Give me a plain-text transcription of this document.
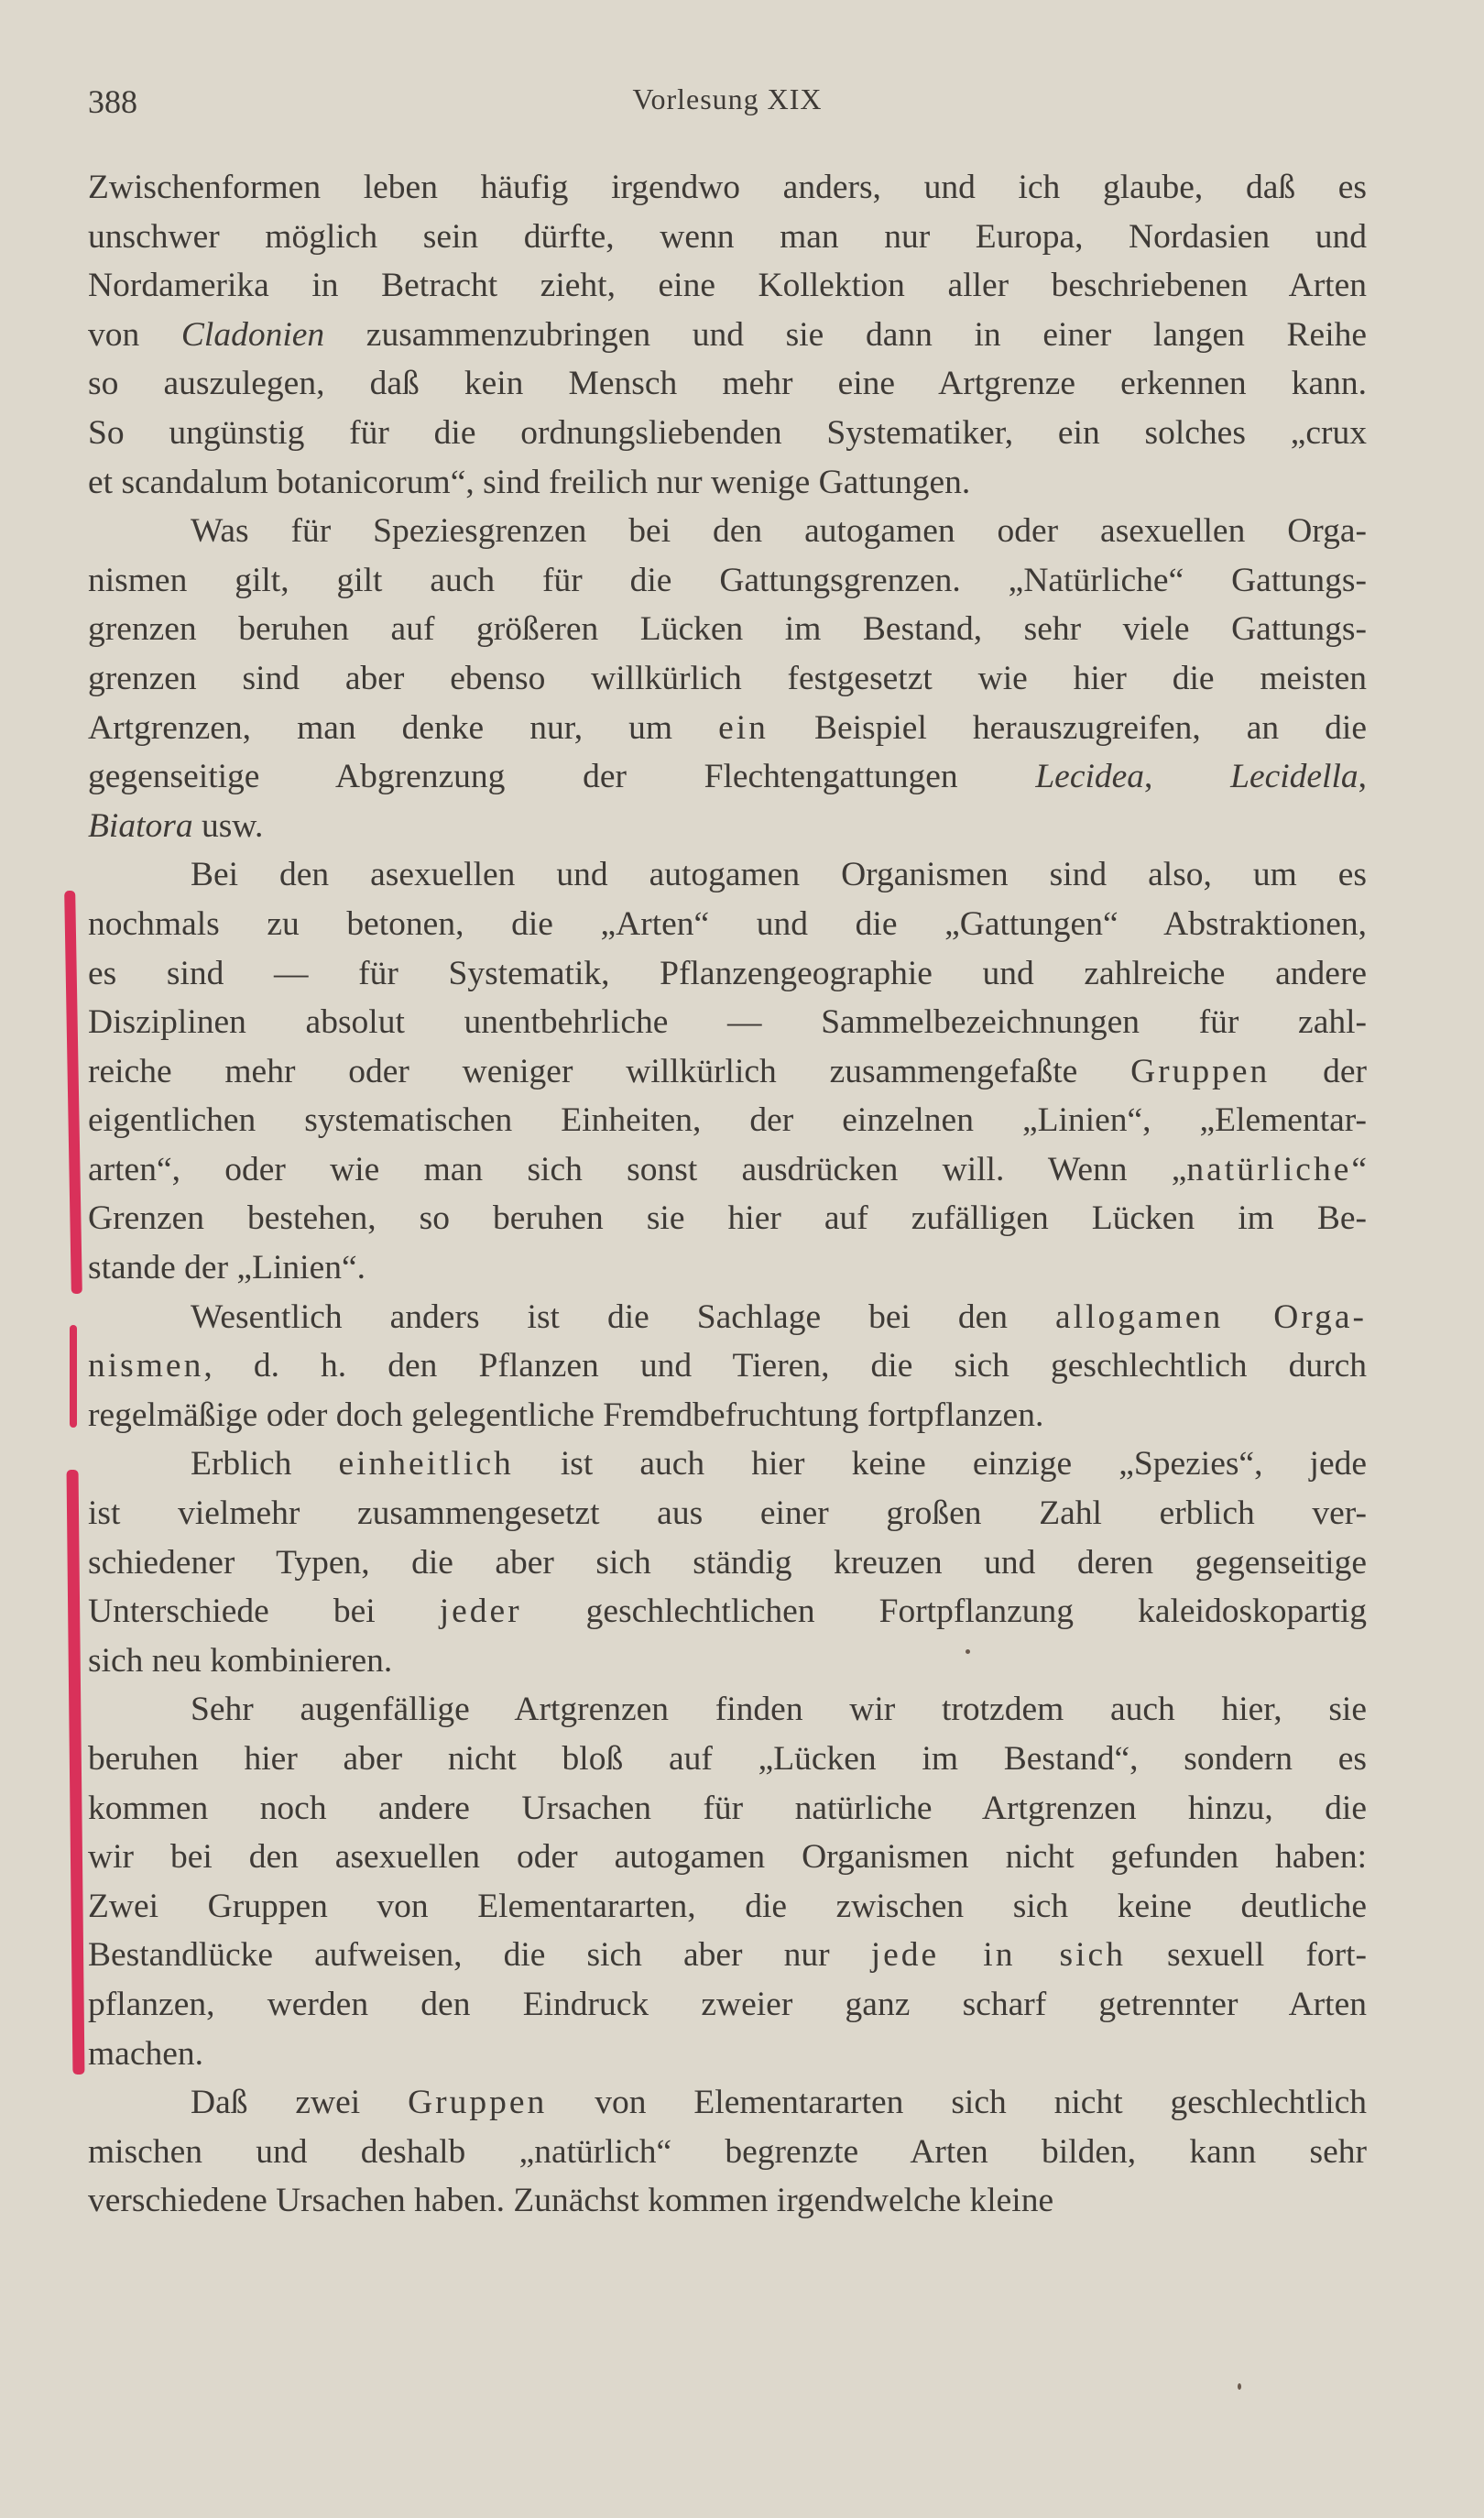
388	Vorlesung XIX
Zwischenformen leben häufig irgendwo anders, und ich glaube, daß es
unschwer möglich sein dürfte, wenn man nur Europa, Nordasien und
Nordamerika in Betracht zieht, eine Kollektion aller beschriebenen Arten
von Cladonien zusammenzubringen und sie dann in einer langen Reihe
so auszulegen, daß kein Mensch mehr eine Artgrenze erkennen kann.
So ungünstig für die ordnungsliebenden Systematiker, ein solches „crux
et scandalum botanicorum“, sind freilich nur wenige Gattungen.
Was für Speziesgrenzen bei den autogamen oder asexuellen Orga-
nismen gilt, gilt auch für die Gattungsgrenzen. „Natürliche“ Gattungs-
grenzen beruhen auf größeren Lücken im Bestand, sehr viele Gattungs-
grenzen sind aber ebenso willkürlich festgesetzt wie hier die meisten
Artgrenzen, man denke nur, um ein Beispiel herauszugreifen, an die
gegenseitige Abgrenzung der Flechtengattungen Lecidea, Lecidella,
Biatora usw.
Bei den asexuellen und autogamen Organismen sind also, um es
nochmals zu betonen, die „Arten“ und die „Gattungen“ Abstraktionen,
es sind — für Systematik, Pflanzengeographie und zahlreiche andere
Disziplinen absolut unentbehrliche — Sammelbezeichnungen für zahl-
reiche mehr oder weniger willkürlich zusammengefaßte Gruppen der
eigentlichen systematischen Einheiten, der einzelnen „Linien“, „Elementar-
arten“, oder wie man sich sonst ausdrücken will. Wenn „natürliche“
Grenzen bestehen, so beruhen sie hier auf zufälligen Lücken im Be-
stande der „Linien“.
Wesentlich anders ist die Sachlage bei den allogamen Orga-
nismen, d. h. den Pflanzen und Tieren, die sich geschlechtlich durch
regelmäßige oder doch gelegentliche Fremdbefruchtung fortpflanzen.
Erblich einheitlich ist auch hier keine einzige „Spezies“, jede
ist vielmehr zusammengesetzt aus einer großen Zahl erblich ver-
schiedener Typen, die aber sich ständig kreuzen und deren gegenseitige
Unterschiede bei jeder geschlechtlichen Fortpflanzung kaleidoskopartig
sich neu kombinieren.
Sehr augenfällige Artgrenzen finden wir trotzdem auch hier, sie
beruhen hier aber nicht bloß auf „Lücken im Bestand“, sondern es
kommen noch andere Ursachen für natürliche Artgrenzen hinzu, die
wir bei den asexuellen oder autogamen Organismen nicht gefunden haben:
Zwei Gruppen von Elementararten, die zwischen sich keine deutliche
Bestandlücke aufweisen, die sich aber nur jede in sich sexuell fort-
pflanzen, werden den Eindruck zweier ganz scharf getrennter Arten
machen.
Daß zwei Gruppen von Elementararten sich nicht geschlechtlich
mischen und deshalb „natürlich“ begrenzte Arten bilden, kann sehr
verschiedene Ursachen haben. Zunächst kommen irgendwelche kleine
